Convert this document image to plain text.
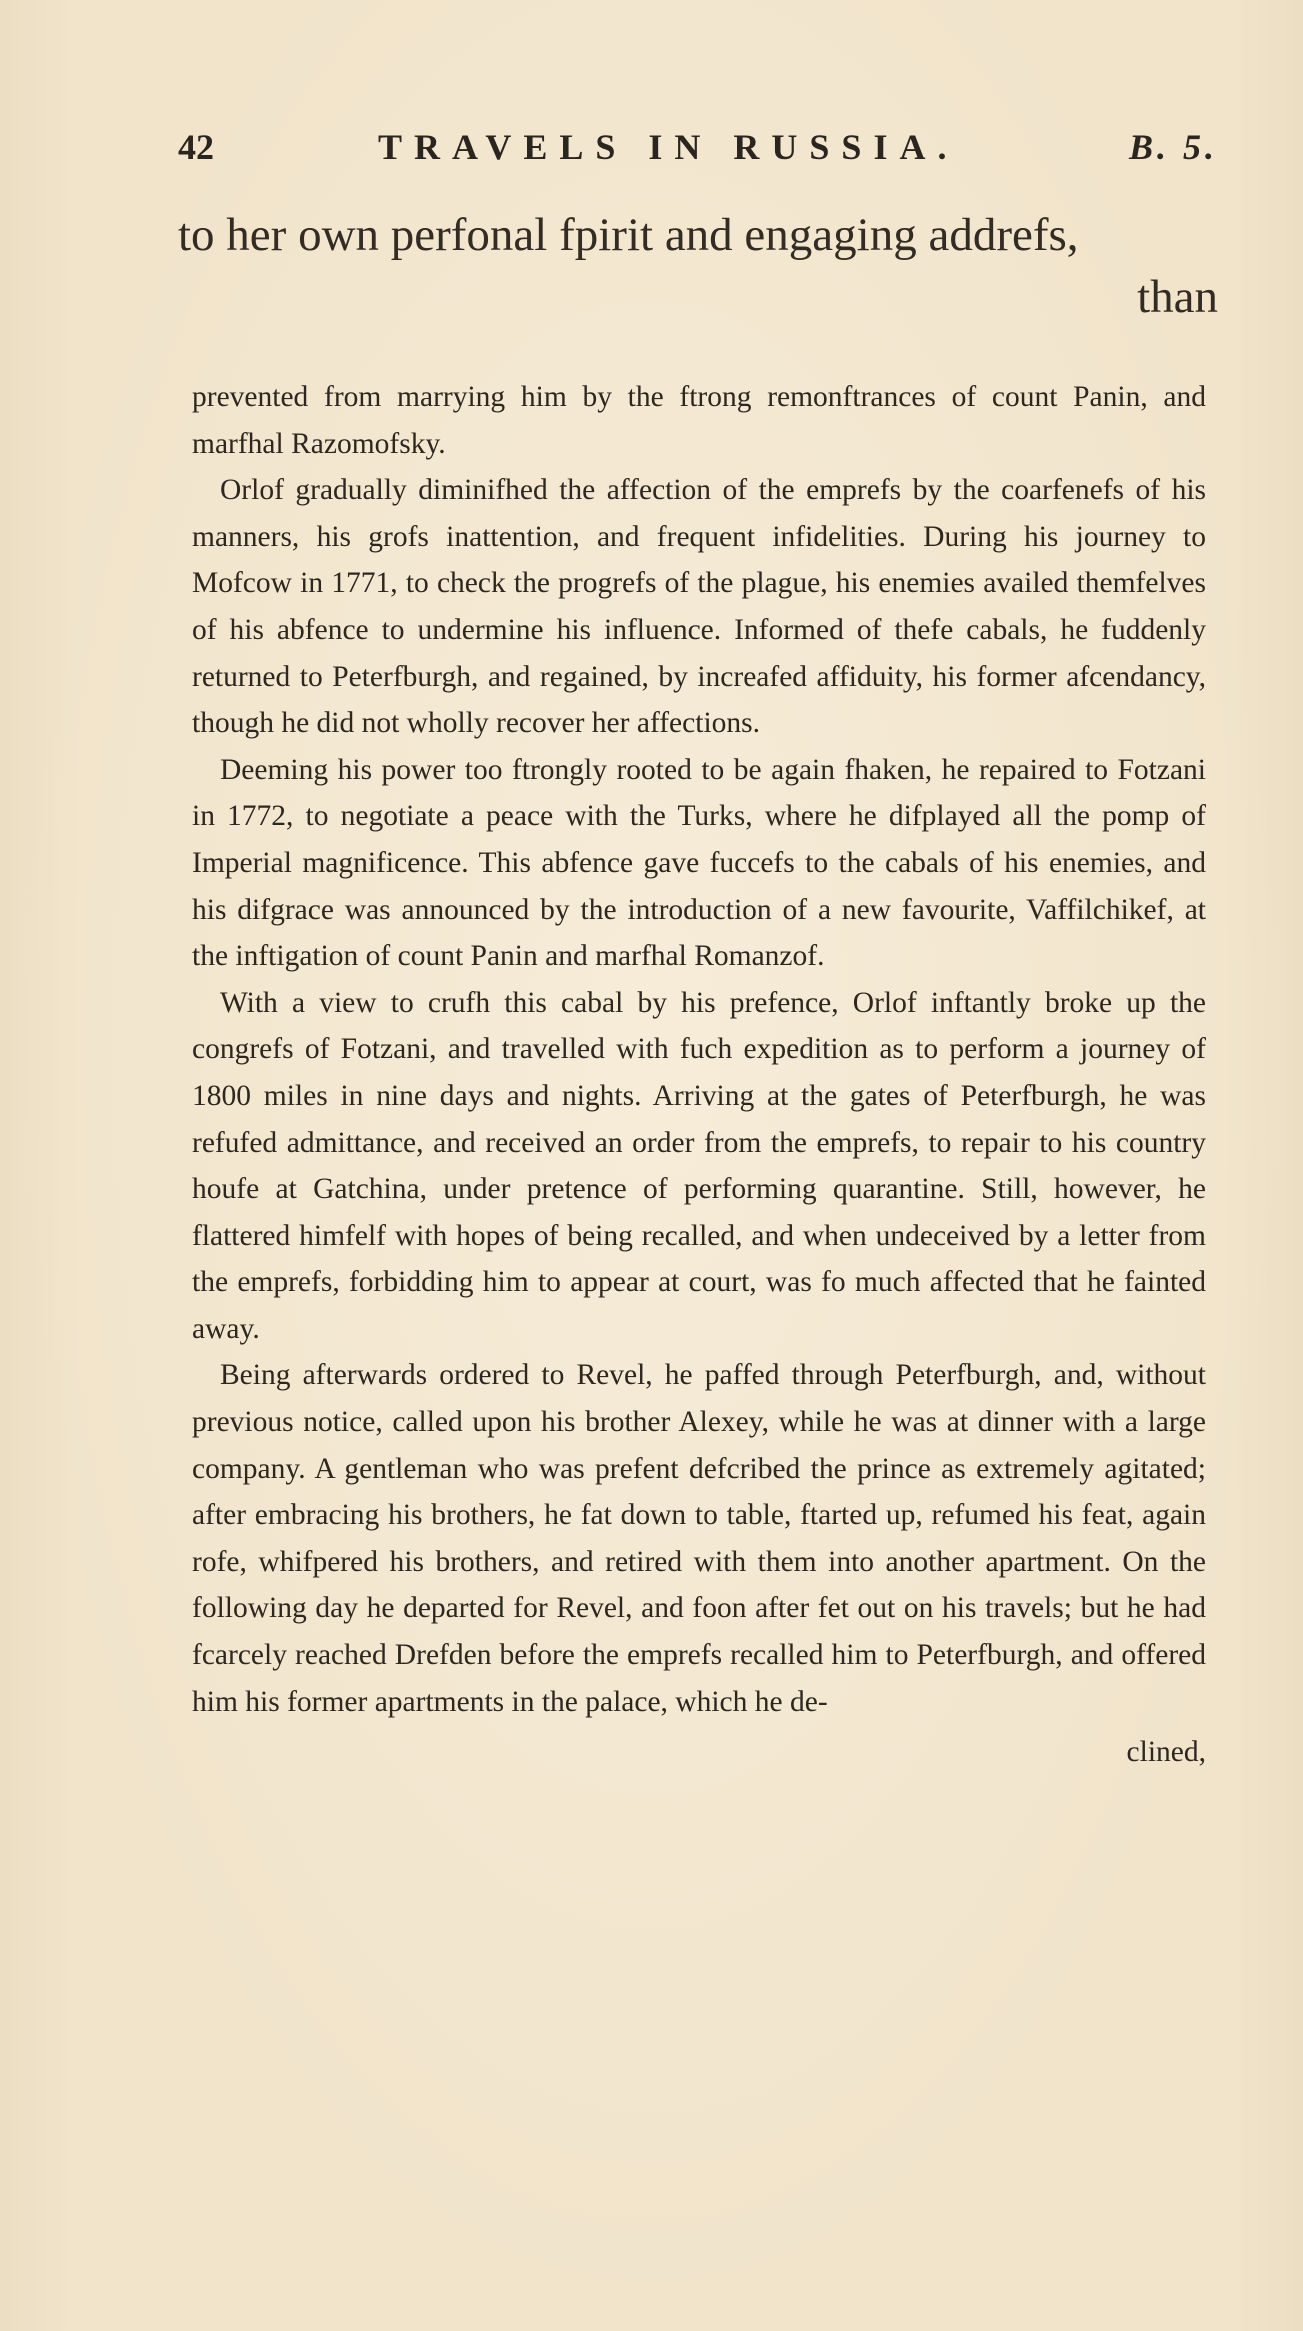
42	TRAVELS IN RUSSIA.	B. 5.
to her own perfonal fpirit and engaging addrefs,
than

prevented from marrying him by the ftrong remonftrances of count Panin, and marfhal Razomofsky.

Orlof gradually diminifhed the affection of the emprefs by the coarfenefs of his manners, his grofs inattention, and frequent infidelities. During his journey to Mofcow in 1771, to check the progrefs of the plague, his enemies availed themfelves of his abfence to undermine his influence. Informed of thefe cabals, he fuddenly returned to Peterfburgh, and regained, by increafed affiduity, his former afcendancy, though he did not wholly recover her affections.

Deeming his power too ftrongly rooted to be again fhaken, he repaired to Fotzani in 1772, to negotiate a peace with the Turks, where he difplayed all the pomp of Imperial magnificence. This abfence gave fuccefs to the cabals of his enemies, and his difgrace was announced by the introduction of a new favourite, Vaffilchikef, at the inftigation of count Panin and marfhal Romanzof.

With a view to crufh this cabal by his prefence, Orlof inftantly broke up the congrefs of Fotzani, and travelled with fuch expedition as to perform a journey of 1800 miles in nine days and nights. Arriving at the gates of Peterfburgh, he was refufed admittance, and received an order from the emprefs, to repair to his country houfe at Gatchina, under pretence of performing quarantine. Still, however, he flattered himfelf with hopes of being recalled, and when undeceived by a letter from the emprefs, forbidding him to appear at court, was fo much affected that he fainted away.

Being afterwards ordered to Revel, he paffed through Peterfburgh, and, without previous notice, called upon his brother Alexey, while he was at dinner with a large company. A gentleman who was prefent defcribed the prince as extremely agitated; after embracing his brothers, he fat down to table, ftarted up, refumed his feat, again rofe, whifpered his brothers, and retired with them into another apartment. On the following day he departed for Revel, and foon after fet out on his travels; but he had fcarcely reached Drefden before the emprefs recalled him to Peterfburgh, and offered him his former apartments in the palace, which he de-

clined,
